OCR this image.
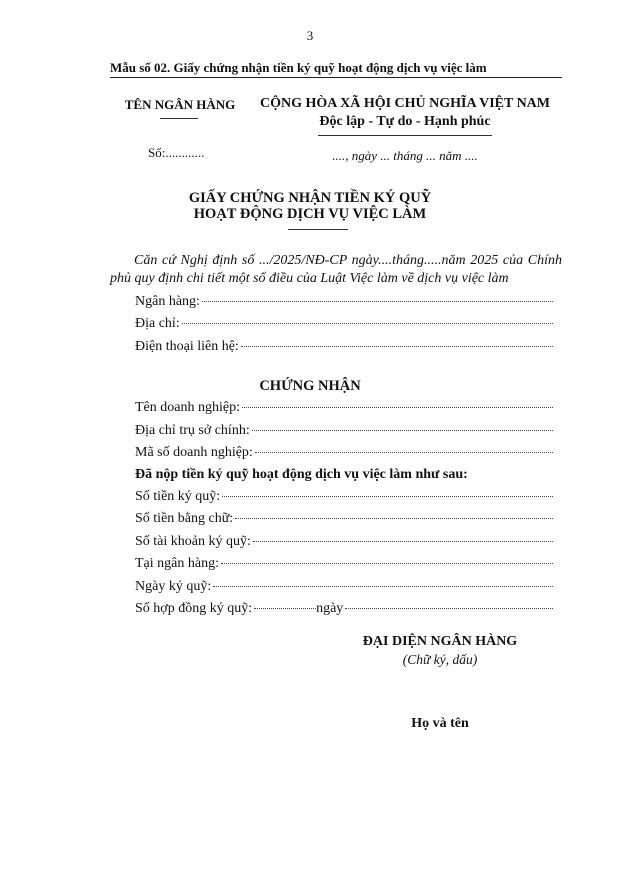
3
Mẫu số 02. Giấy chứng nhận tiền ký quỹ hoạt động dịch vụ việc làm
TÊN NGÂN HÀNG
Số:............
CỘNG HÒA XÃ HỘI CHỦ NGHĨA VIỆT NAM
Độc lập - Tự do - Hạnh phúc
...., ngày ... tháng ... năm ....
GIẤY CHỨNG NHẬN TIỀN KÝ QUỸ
HOẠT ĐỘNG DỊCH VỤ VIỆC LÀM
Căn cứ Nghị định số .../2025/NĐ-CP ngày....tháng.....năm 2025 của Chính phủ quy định chi tiết một số điều của Luật Việc làm về dịch vụ việc làm
Ngân hàng:
Địa chỉ:
Điện thoại liên hệ:
CHỨNG NHẬN
Tên doanh nghiệp:
Địa chỉ trụ sở chính:
Mã số doanh nghiệp:
Đã nộp tiền ký quỹ hoạt động dịch vụ việc làm như sau:
Số tiền ký quỹ:
Số tiền bằng chữ:
Số tài khoản ký quỹ:
Tại ngân hàng:
Ngày ký quỹ:
Số hợp đồng ký quỹ:	ngày
ĐẠI DIỆN NGÂN HÀNG
(Chữ ký, dấu)
Họ và tên
